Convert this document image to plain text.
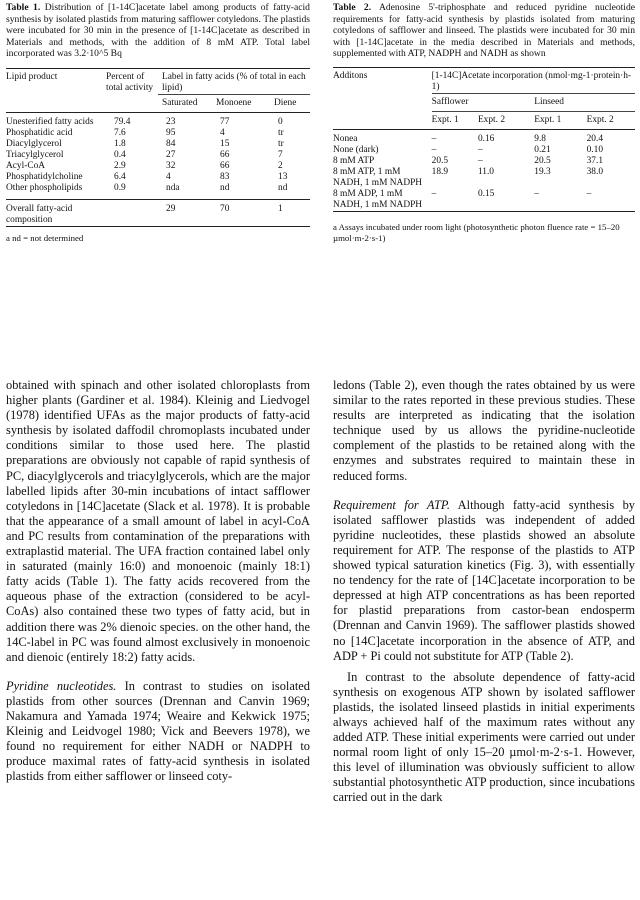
Table 1. Distribution of [1-14C]acetate label among products of fatty-acid synthesis by isolated plastids from maturing safflower cotyledons. The plastids were incubated for 30 min in the presence of [1-14C]acetate as described in Materials and methods, with the addition of 8 mM ATP. Total label incorporated was 3.2·10^5 Bq
Lipid product	Percent of total activity	Label in fatty acids (% of total in each lipid)		
		Saturated	Monoene	Diene
Unesterified fatty acids	79.4	23	77	0
Phosphatidic acid	7.6	95	4	tr
Diacylglycerol	1.8	84	15	tr
Triacylglycerol	0.4	27	66	7
Acyl-CoA	2.9	32	66	2
Phosphatidylcholine	6.4	4	83	13
Other phospholipids	0.9	nda	nd	nd

Overall fatty-acid composition		29	70	1

a nd = not determined

obtained with spinach and other isolated chloroplasts from higher plants (Gardiner et al. 1984). Kleinig and Liedvogel (1978) identified UFAs as the major products of fatty-acid synthesis by isolated daffodil chromoplasts incubated under conditions similar to those used here. The plastid preparations are obviously not capable of rapid synthesis of PC, diacylglycerols and triacylglycerols, which are the major labelled lipids after 30-min incubations of intact safflower cotyledons in [14C]acetate (Slack et al. 1978). It is probable that the appearance of a small amount of label in acyl-CoA and PC results from contamination of the preparations with extraplastid material. The UFA fraction contained label only in saturated (mainly 16:0) and monoenoic (mainly 18:1) fatty acids (Table 1). The fatty acids recovered from the aqueous phase of the extraction (considered to be acyl-CoAs) also contained these two types of fatty acid, but in addition there was 2% dienoic species. on the other hand, the 14C-label in PC was found almost exclusively in monoenoic and dienoic (entirely 18:2) fatty acids.

Pyridine nucleotides. In contrast to studies on isolated plastids from other sources (Drennan and Canvin 1969; Nakamura and Yamada 1974; Weaire and Kekwick 1975; Kleinig and Leidvogel 1980; Vick and Beevers 1978), we found no requirement for either NADH or NADPH to produce maximal rates of fatty-acid synthesis in isolated plastids from either safflower or linseed coty-

Table 2. Adenosine 5'-triphosphate and reduced pyridine nucleotide requirements for fatty-acid synthesis by plastids isolated from maturing cotyledons of safflower and linseed. The plastids were incubated for 30 min with [1-14C]acetate in the media described in Materials and methods, supplemented with ATP, NADPH and NADH as shown
Additons	[1-14C]Acetate incorporation (nmol·mg-1·protein·h-1)			
	Safflower		Linseed	
	Expt. 1	Expt. 2	Expt. 1	Expt. 2
Nonea	–	0.16	9.8	20.4
None (dark)	–	–	0.21	0.10
8 mM ATP	20.5	–	20.5	37.1
8 mM ATP, 1 mM NADH, 1 mM NADPH	18.9	11.0	19.3	38.0
8 mM ADP, 1 mM NADH, 1 mM NADPH	–	0.15	–	–

a Assays incubated under room light (photosynthetic photon fluence rate = 15–20 µmol·m-2·s-1)

ledons (Table 2), even though the rates obtained by us were similar to the rates reported in these previous studies. These results are interpreted as indicating that the isolation technique used by us allows the pyridine-nucleotide complement of the plastids to be retained along with the enzymes and substrates required to maintain these in reduced forms.

Requirement for ATP. Although fatty-acid synthesis by isolated safflower plastids was independent of added pyridine nucleotides, these plastids showed an absolute requirement for ATP. The response of the plastids to ATP showed typical saturation kinetics (Fig. 3), with essentially no tendency for the rate of [14C]acetate incorporation to be depressed at high ATP concentrations as has been reported for plastid preparations from castor-bean endosperm (Drennan and Canvin 1969). The safflower plastids showed no [14C]acetate incorporation in the absence of ATP, and ADP + Pi could not substitute for ATP (Table 2).

In contrast to the absolute dependence of fatty-acid synthesis on exogenous ATP shown by isolated safflower plastids, the isolated linseed plastids in initial experiments always achieved half of the maximum rates without any added ATP. These initial experiments were carried out under normal room light of only 15–20 µmol·m-2·s-1. However, this level of illumination was obviously sufficient to allow substantial photosynthetic ATP production, since incubations carried out in the dark
